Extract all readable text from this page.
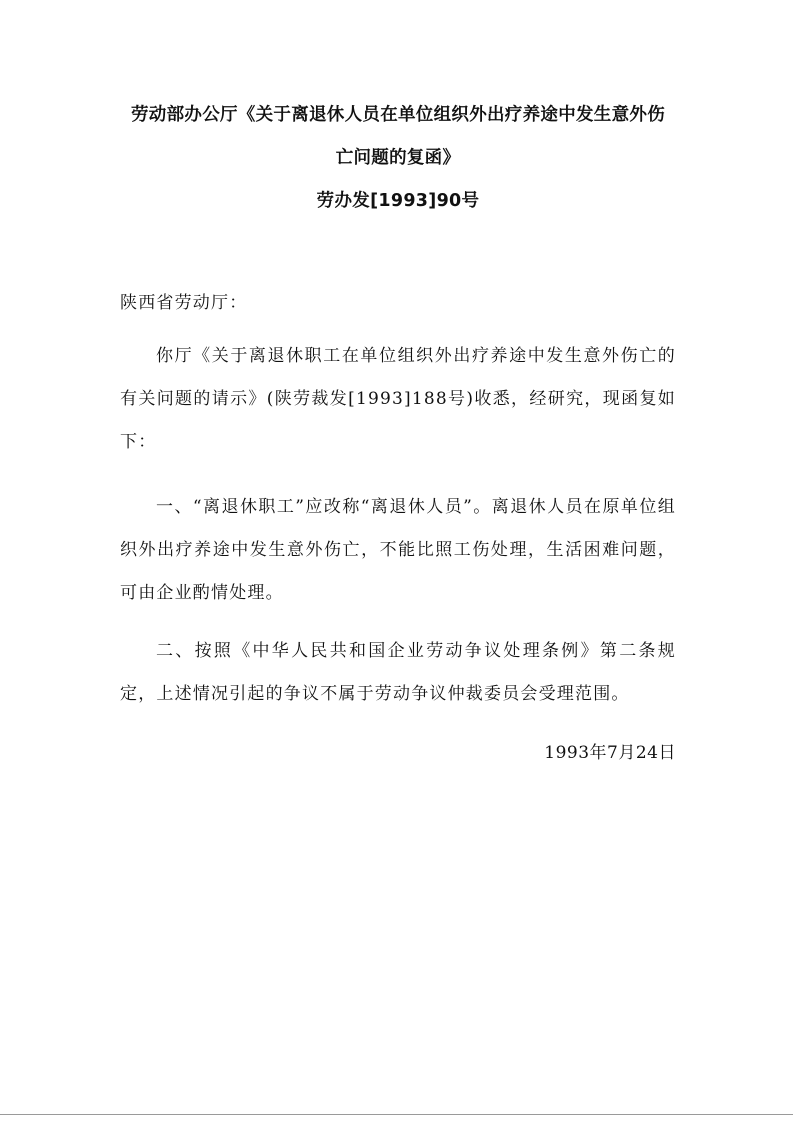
劳动部办公厅《关于离退休人员在单位组织外出疗养途中发生意外伤
亡问题的复函》
劳办发[1993]90号
陕西省劳动厅：
你厅《关于离退休职工在单位组织外出疗养途中发生意外伤亡的有关问题的请示》(陕劳裁发[1993]188号)收悉，经研究，现函复如下：
一、“离退休职工”应改称“离退休人员”。离退休人员在原单位组织外出疗养途中发生意外伤亡，不能比照工伤处理，生活困难问题，可由企业酌情处理。
二、按照《中华人民共和国企业劳动争议处理条例》第二条规定，上述情况引起的争议不属于劳动争议仲裁委员会受理范围。
1993年7月24日
